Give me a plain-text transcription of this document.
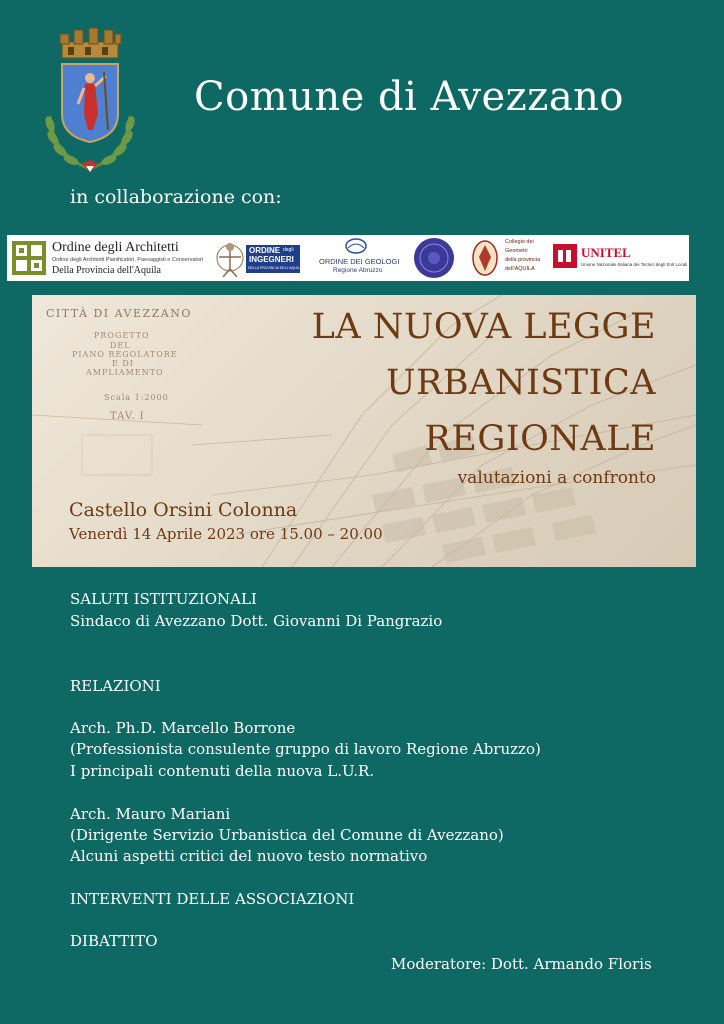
Comune di Avezzano
in collaborazione con:
Ordine degli Architetti
Ordine degli Architetti Pianificatori, Paesaggisti e Conservatori
Della Provincia dell'Aquila
ORDINE degli
INGEGNERI
DELLA PROVINCIA DELL'AQUILA
ORDINE DEI GEOLOGI
Regione Abruzzo
Collegio dei
Geometri
della provincia
dell'AQUILA
UNITEL
Unione Nazionale Italiana dei Tecnici degli Enti Locali
CITTÀ DI AVEZZANO
PROGETTO
DEL
PIANO REGOLATORE
E DI
AMPLIAMENTO
Scala 1:2000
TAV. I
LA NUOVA LEGGE
URBANISTICA
REGIONALE
valutazioni a confronto
Castello Orsini Colonna
Venerdì 14 Aprile 2023 ore 15.00 – 20.00
SALUTI ISTITUZIONALI
Sindaco di Avezzano Dott. Giovanni Di Pangrazio
RELAZIONI
Arch. Ph.D. Marcello Borrone
(Professionista consulente gruppo di lavoro Regione Abruzzo)
I principali contenuti della nuova L.U.R.
Arch. Mauro Mariani
(Dirigente Servizio Urbanistica del Comune di Avezzano)
Alcuni aspetti critici del nuovo testo normativo
INTERVENTI DELLE ASSOCIAZIONI
DIBATTITO
Moderatore: Dott. Armando Floris
